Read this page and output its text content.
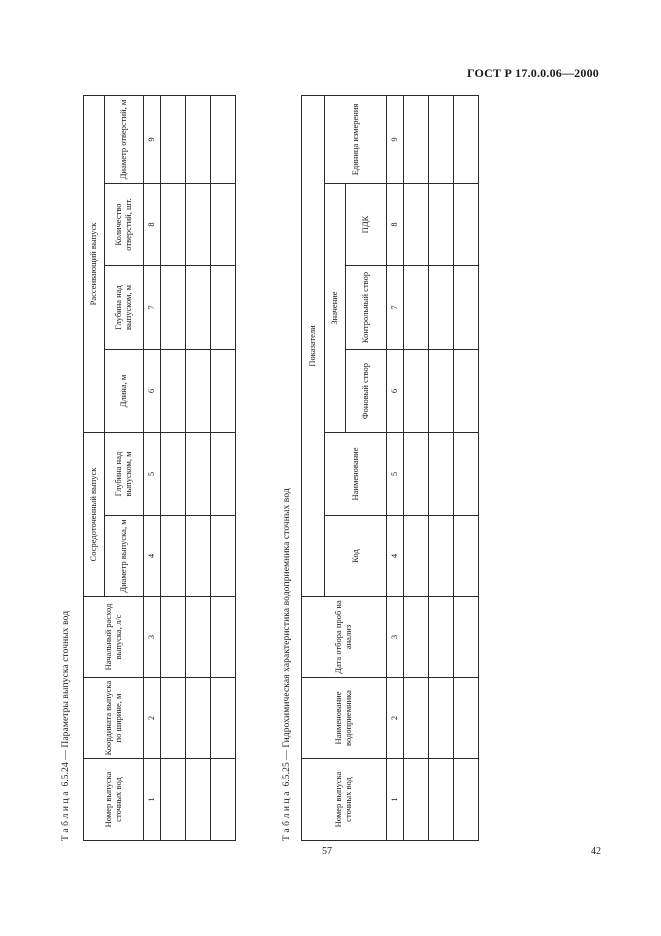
ГОСТ Р 17.0.0.06—2000
Т а б л и ц а  6.5.24 — Параметры выпуска сточных вод
Номер выпуска сточных вод	Координата выпуска по ширине, м	Начальный расход выпуска, л/с	Сосредоточенный выпуск		Рассеивающий выпуск			
			Диаметр выпуска, м	Глубина над выпуском, м	Длина, м	Глубина над выпуском, м	Количество отверстий, шт.	Диаметр отверстий, м
1	2	3	4	5	6	7	8	9

Т а б л и ц а  6.5.25 — Гидрохимическая характеристика водоприемника сточных вод
Номер выпуска сточных вод	Наименование водоприемника	Дата отбора проб на анализ	Показатели					
			Код	Наименование	Значение			Единица измерения
					Фоновый створ	Контрольный створ	ПДК	
1	2	3	4	5	6	7	8	9

57	42
